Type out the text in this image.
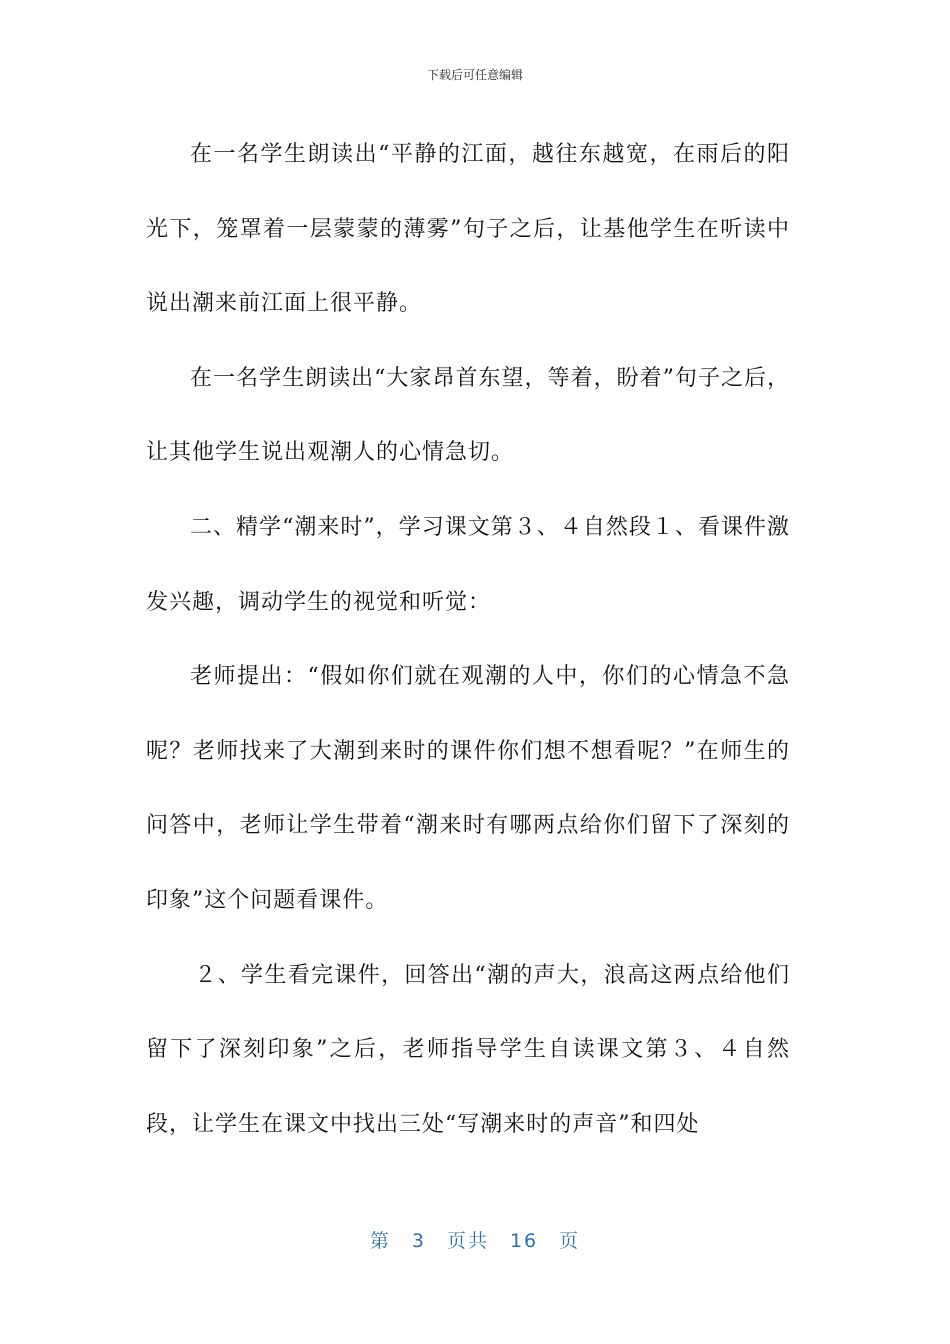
下载后可任意编辑

在一名学生朗读出“平静的江面，越往东越宽，在雨后的阳光下，笼罩着一层蒙蒙的薄雾”句子之后，让基他学生在听读中说出潮来前江面上很平静。

在一名学生朗读出“大家昂首东望，等着，盼着”句子之后，让其他学生说出观潮人的心情急切。

二、精学“潮来时”，学习课文第３、４自然段１、看课件激发兴趣，调动学生的视觉和听觉：

老师提出：“假如你们就在观潮的人中，你们的心情急不急呢？老师找来了大潮到来时的课件你们想不想看呢？”在师生的问答中，老师让学生带着“潮来时有哪两点给你们留下了深刻的印象”这个问题看课件。

２、学生看完课件，回答出“潮的声大，浪高这两点给他们留下了深刻印象”之后，老师指导学生自读课文第３、４自然段，让学生在课文中找出三处“写潮来时的声音”和四处

第　3　页共　16　页
